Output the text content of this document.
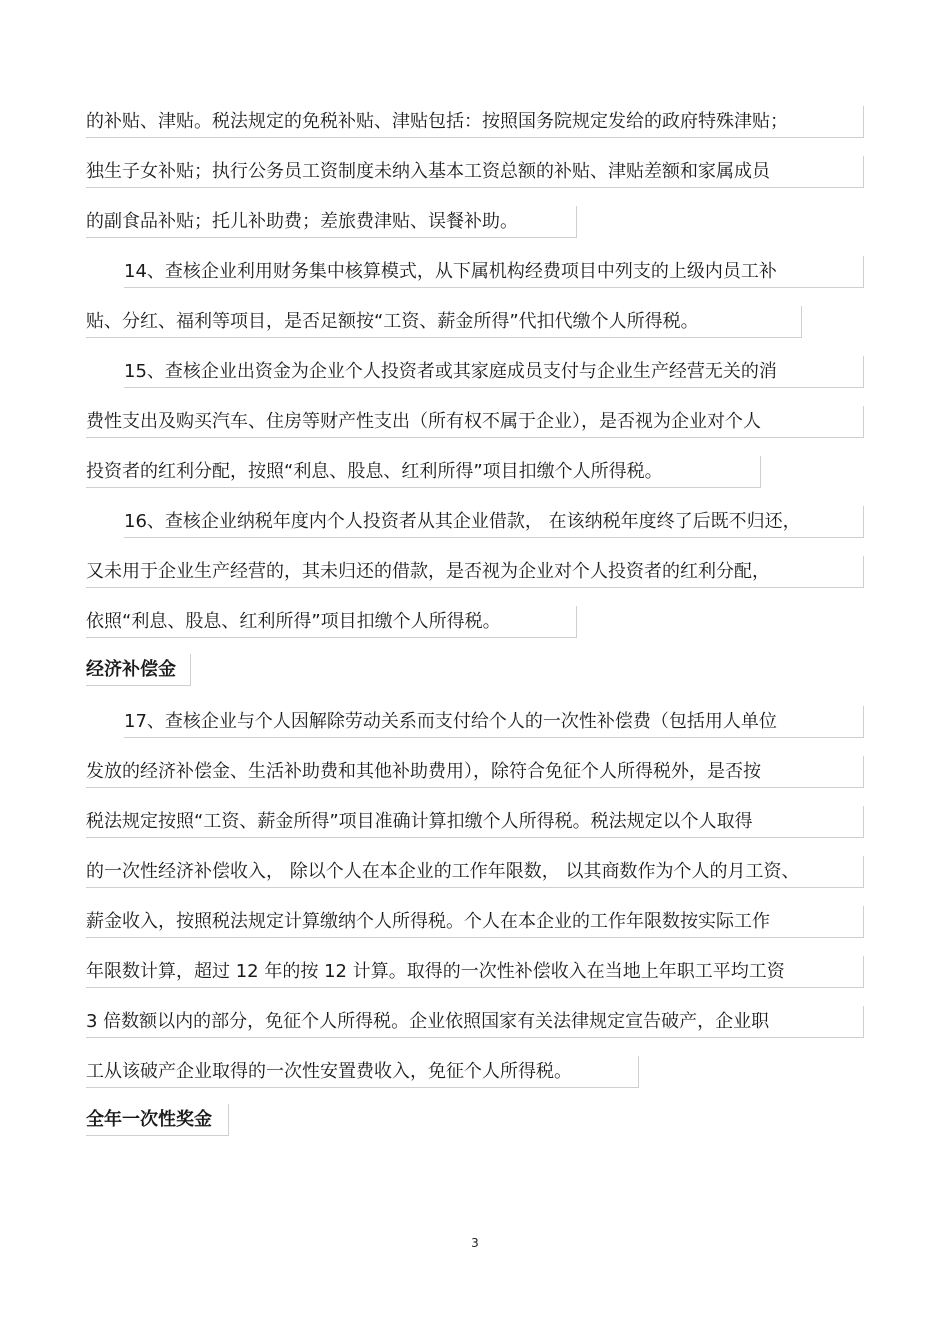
的补贴、津贴。税法规定的免税补贴、津贴包括：按照国务院规定发给的政府特殊津贴；
独生子女补贴；执行公务员工资制度未纳入基本工资总额的补贴、津贴差额和家属成员
的副食品补贴；托儿补助费；差旅费津贴、误餐补助。
14、查核企业利用财务集中核算模式，从下属机构经费项目中列支的上级内员工补
贴、分红、福利等项目，是否足额按“工资、薪金所得”代扣代缴个人所得税。
15、查核企业出资金为企业个人投资者或其家庭成员支付与企业生产经营无关的消
费性支出及购买汽车、住房等财产性支出（所有权不属于企业），是否视为企业对个人
投资者的红利分配，按照“利息、股息、红利所得”项目扣缴个人所得税。
16、查核企业纳税年度内个人投资者从其企业借款， 在该纳税年度终了后既不归还，
又未用于企业生产经营的，其未归还的借款，是否视为企业对个人投资者的红利分配，
依照“利息、股息、红利所得”项目扣缴个人所得税。
经济补偿金
17、查核企业与个人因解除劳动关系而支付给个人的一次性补偿费（包括用人单位
发放的经济补偿金、生活补助费和其他补助费用），除符合免征个人所得税外，是否按
税法规定按照“工资、薪金所得”项目准确计算扣缴个人所得税。税法规定以个人取得
的一次性经济补偿收入， 除以个人在本企业的工作年限数， 以其商数作为个人的月工资、
薪金收入，按照税法规定计算缴纳个人所得税。个人在本企业的工作年限数按实际工作
年限数计算，超过 12 年的按 12 计算。取得的一次性补偿收入在当地上年职工平均工资
3 倍数额以内的部分，免征个人所得税。企业依照国家有关法律规定宣告破产，企业职
工从该破产企业取得的一次性安置费收入，免征个人所得税。
全年一次性奖金
3
